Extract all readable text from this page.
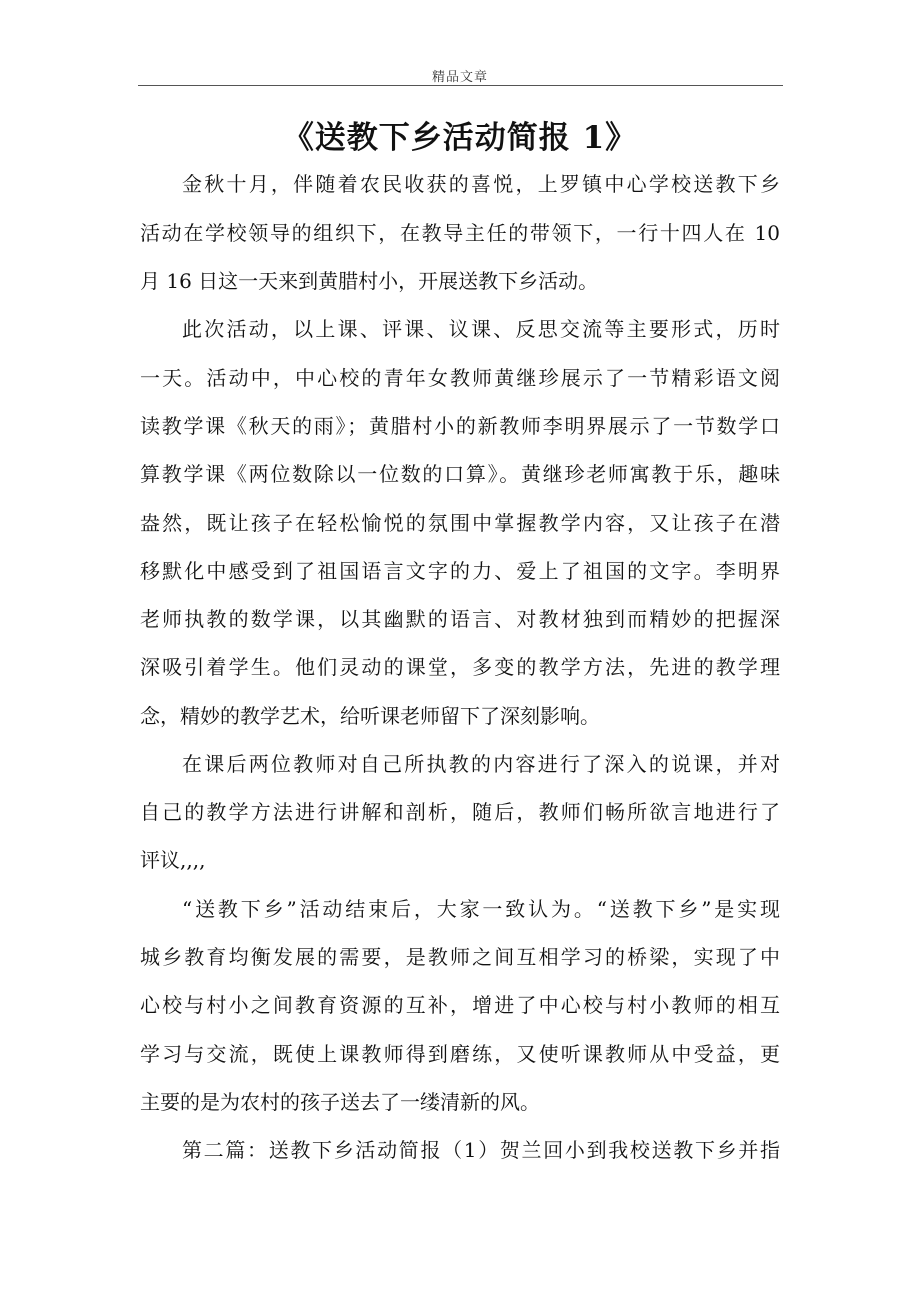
精品文章
《送教下乡活动简报 1》
金秋十月，伴随着农民收获的喜悦，上罗镇中心学校送教下乡
活动在学校领导的组织下，在教导主任的带领下，一行十四人在 10
月 16 日这一天来到黄腊村小，开展送教下乡活动。
此次活动，以上课、评课、议课、反思交流等主要形式，历时
一天。活动中，中心校的青年女教师黄继珍展示了一节精彩语文阅
读教学课《秋天的雨》；黄腊村小的新教师李明界展示了一节数学口
算教学课《两位数除以一位数的口算》。黄继珍老师寓教于乐，趣味
盎然，既让孩子在轻松愉悦的氛围中掌握教学内容，又让孩子在潜
移默化中感受到了祖国语言文字的力、爱上了祖国的文字。李明界
老师执教的数学课，以其幽默的语言、对教材独到而精妙的把握深
深吸引着学生。他们灵动的课堂，多变的教学方法，先进的教学理
念，精妙的教学艺术，给听课老师留下了深刻影响。
在课后两位教师对自己所执教的内容进行了深入的说课，并对
自己的教学方法进行讲解和剖析，随后，教师们畅所欲言地进行了
评议,,,,
“送教下乡”活动结束后，大家一致认为。“送教下乡”是实现
城乡教育均衡发展的需要，是教师之间互相学习的桥梁，实现了中
心校与村小之间教育资源的互补，增进了中心校与村小教师的相互
学习与交流，既使上课教师得到磨练，又使听课教师从中受益，更
主要的是为农村的孩子送去了一缕清新的风。
第二篇：送教下乡活动简报（1）贺兰回小到我校送教下乡并指
